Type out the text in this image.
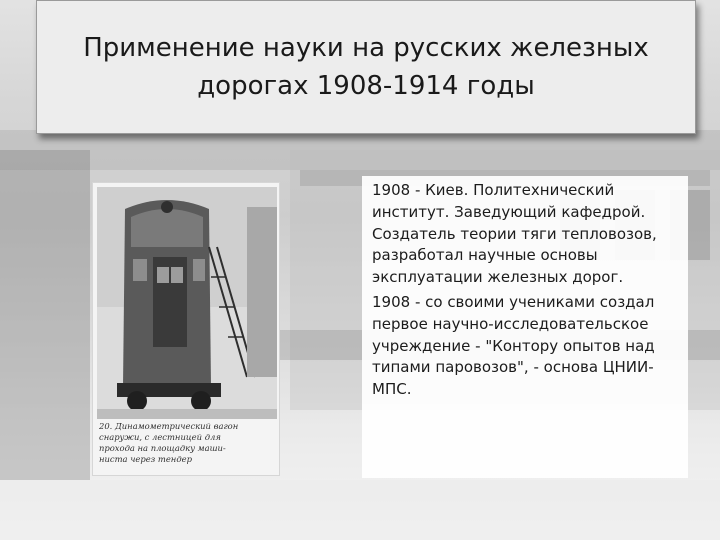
Применение науки на русских железных дорогах 1908-1914 годы
20. Динамометрический вагон
снаружи, с лестницей для
прохода на площадку маши-
ниста через тендер

1908 - Киев. Политехнический институт. Заведующий кафедрой. Создатель теории тяги тепловозов, разработал научные основы эксплуатации железных дорог.

1908 - со своими учениками создал первое научно-исследовательское учреждение - "Контору опытов над типами паровозов", - основа ЦНИИ-МПС.
